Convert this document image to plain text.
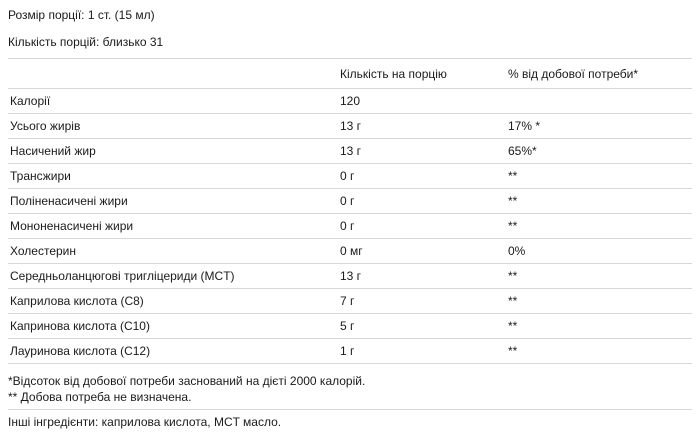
Розмір порції: 1 ст. (15 мл)
Кількість порцій: близько 31
	Кількість на порцію	% від добової потреби*
Калорії	120	
Усього жирів	13 г	17% *
Насичений жир	13 г	65%*
Трансжири	0 г	**
Поліненасичені жири	0 г	**
Мононенасичені жири	0 г	**
Холестерин	0 мг	0%
Середньоланцюгові тригліцериди (MCT)	13 г	**
Каприлова кислота (C8)	7 г	**
Капринова кислота (C10)	5 г	**
Лауринова кислота (C12)	1 г	**
*Відсоток від добової потреби заснований на дієті 2000 калорій.
** Добова потреба не визначена.
Інші інгредієнти: каприлова кислота, MCT масло.
